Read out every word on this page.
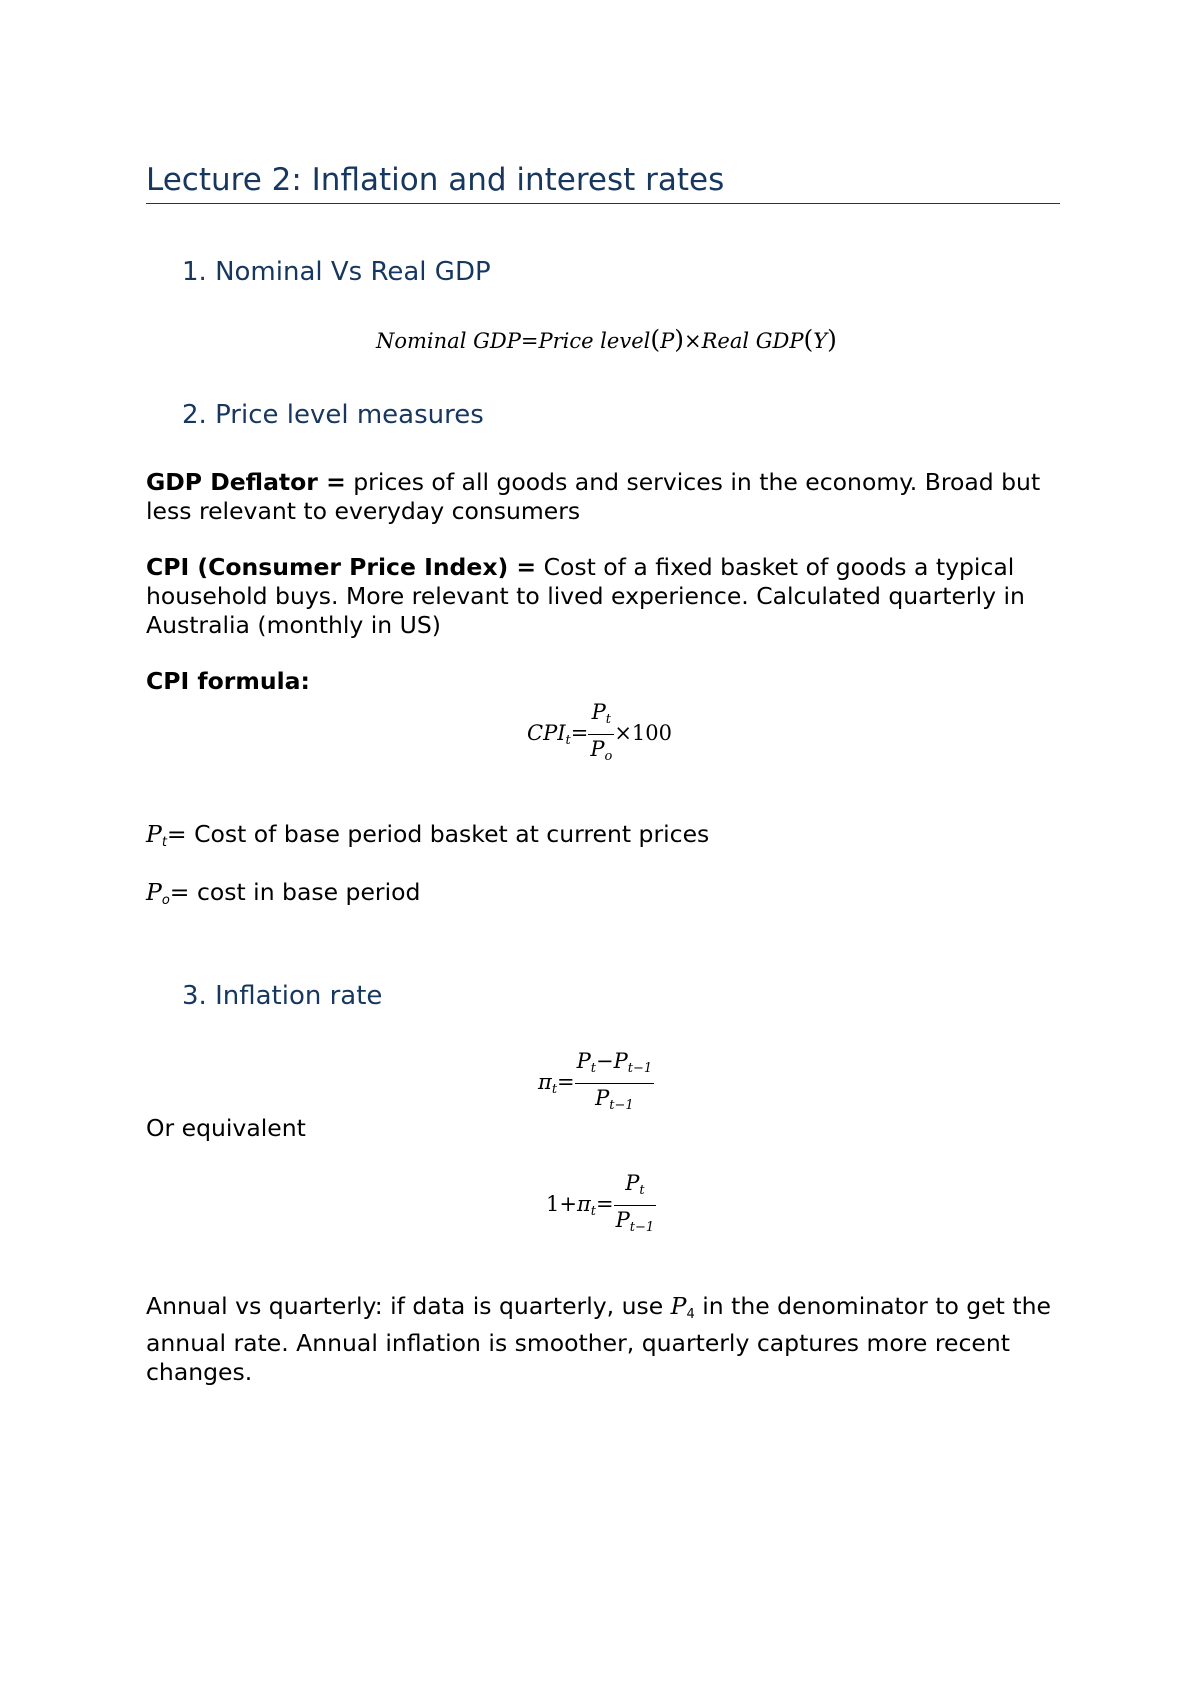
Lecture 2: Inflation and interest rates
1. Nominal Vs Real GDP
Nominal GDP=Price level(P)×Real GDP(Y)
2. Price level measures
GDP Deflator = prices of all goods and services in the economy. Broad but less relevant to everyday consumers
CPI (Consumer Price Index) = Cost of a fixed basket of goods a typical household buys. More relevant to lived experience. Calculated quarterly in Australia (monthly in US)
CPI formula:
$CPI_t= \frac{P_t}{P_o} \times 100$
$P_t=$ Cost of base period basket at current prices
$P_o= \cos t$ in base period
3. Inflation rate
$\pi_t= \frac{P_t-P_{t-1}}{P_{t-1}}$
Or equivalent
$1+\pi_t= \frac{P_t}{P_{t-1}}$
Annual vs quarterly: if data is quarterly, use $P_4$ in the denominator to get the annual rate. Annual inflation is smoother, quarterly captures more recent changes.
